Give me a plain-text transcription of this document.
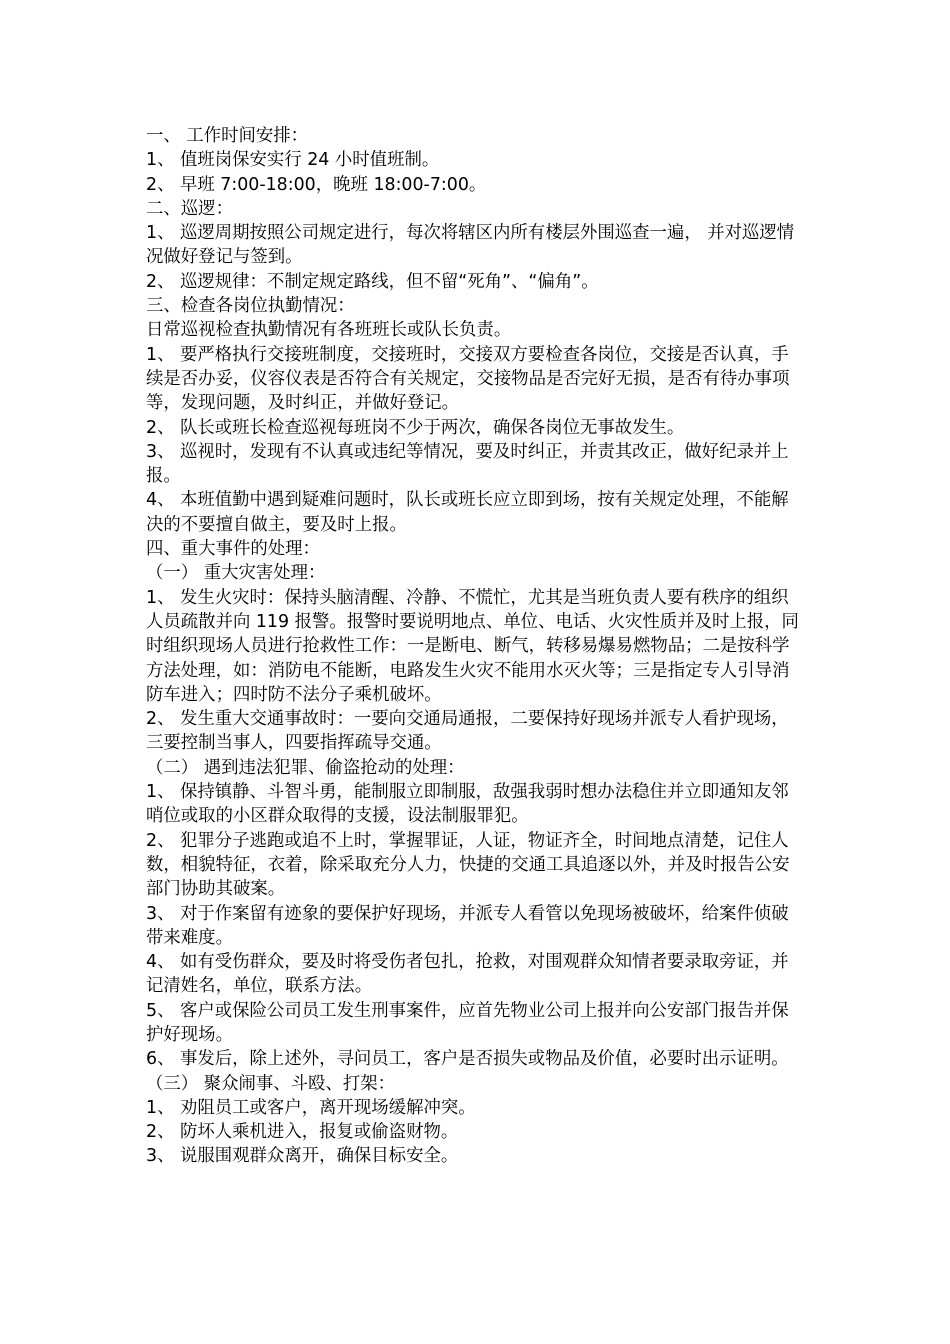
一、 工作时间安排：

1、 值班岗保安实行 24 小时值班制。

2、 早班 7:00-18:00，晚班 18:00-7:00。

二、巡逻：

1、 巡逻周期按照公司规定进行，每次将辖区内所有楼层外围巡查一遍， 并对巡逻情况做好登记与签到。

2、 巡逻规律：不制定规定路线，但不留“死角”、“偏角”。

三、检查各岗位执勤情况：

日常巡视检查执勤情况有各班班长或队长负责。

1、 要严格执行交接班制度，交接班时，交接双方要检查各岗位，交接是否认真，手续是否办妥，仪容仪表是否符合有关规定，交接物品是否完好无损，是否有待办事项等，发现问题，及时纠正，并做好登记。

2、 队长或班长检查巡视每班岗不少于两次，确保各岗位无事故发生。

3、 巡视时，发现有不认真或违纪等情况，要及时纠正，并责其改正，做好纪录并上报。

4、 本班值勤中遇到疑难问题时，队长或班长应立即到场，按有关规定处理，不能解决的不要擅自做主，要及时上报。

四、重大事件的处理：

（一） 重大灾害处理：

1、 发生火灾时：保持头脑清醒、冷静、不慌忙，尤其是当班负责人要有秩序的组织人员疏散并向 119 报警。报警时要说明地点、单位、电话、火灾性质并及时上报，同时组织现场人员进行抢救性工作：一是断电、断气，转移易爆易燃物品；二是按科学方法处理，如：消防电不能断，电路发生火灾不能用水灭火等；三是指定专人引导消防车进入；四时防不法分子乘机破坏。

2、 发生重大交通事故时：一要向交通局通报，二要保持好现场并派专人看护现场，三要控制当事人，四要指挥疏导交通。

（二） 遇到违法犯罪、偷盗抢动的处理：

1、 保持镇静、斗智斗勇，能制服立即制服，敌强我弱时想办法稳住并立即通知友邻哨位或取的小区群众取得的支援，设法制服罪犯。

2、 犯罪分子逃跑或追不上时，掌握罪证，人证，物证齐全，时间地点清楚，记住人数，相貌特征，衣着，除采取充分人力，快捷的交通工具追逐以外，并及时报告公安部门协助其破案。

3、 对于作案留有迹象的要保护好现场，并派专人看管以免现场被破坏，给案件侦破带来难度。

4、 如有受伤群众，要及时将受伤者包扎，抢救，对围观群众知情者要录取旁证，并记清姓名，单位，联系方法。

5、 客户或保险公司员工发生刑事案件，应首先物业公司上报并向公安部门报告并保护好现场。

6、 事发后，除上述外，寻问员工，客户是否损失或物品及价值，必要时出示证明。

（三） 聚众闹事、斗殴、打架：

1、 劝阻员工或客户，离开现场缓解冲突。

2、 防坏人乘机进入，报复或偷盗财物。

3、 说服围观群众离开，确保目标安全。
